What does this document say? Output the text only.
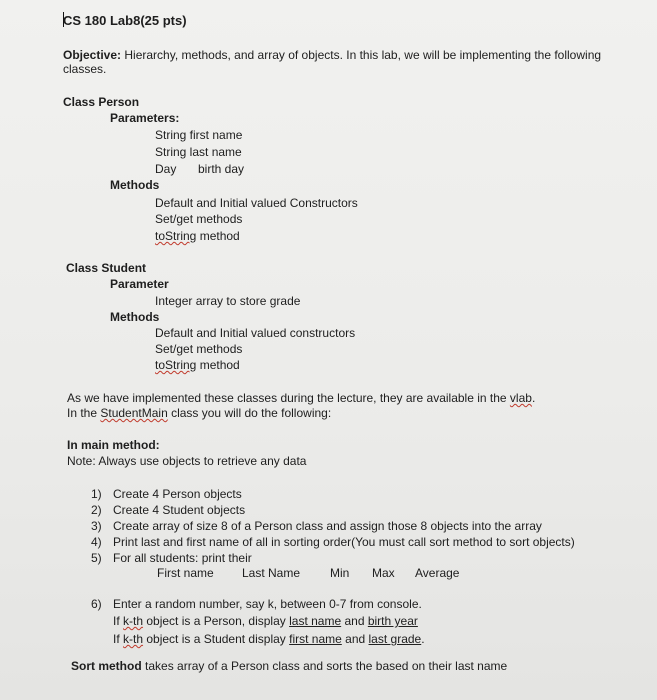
CS 180 Lab8(25 pts)
Objective: Hierarchy, methods, and array of objects. In this lab, we will be implementing the following
classes.
Class Person
Parameters:
String first name
String last name
Day birth day
Methods
Default and Initial valued Constructors
Set/get methods
toString method
Class Student
Parameter
Integer array to store grade
Methods
Default and Initial valued constructors
Set/get methods
toString method
As we have implemented these classes during the lecture, they are available in the vlab.
In the StudentMain class you will do the following:
In main method:
Note: Always use objects to retrieve any data
1) Create 4 Person objects
2) Create 4 Student objects
3) Create array of size 8 of a Person class and assign those 8 objects into the array
4) Print last and first name of all in sorting order(You must call sort method to sort objects)
5) For all students: print their
First name Last Name Min Max Average
6) Enter a random number, say k, between 0-7 from console.
If k-th object is a Person, display last name and birth year
If k-th object is a Student display first name and last grade.
Sort method takes array of a Person class and sorts the based on their last name
